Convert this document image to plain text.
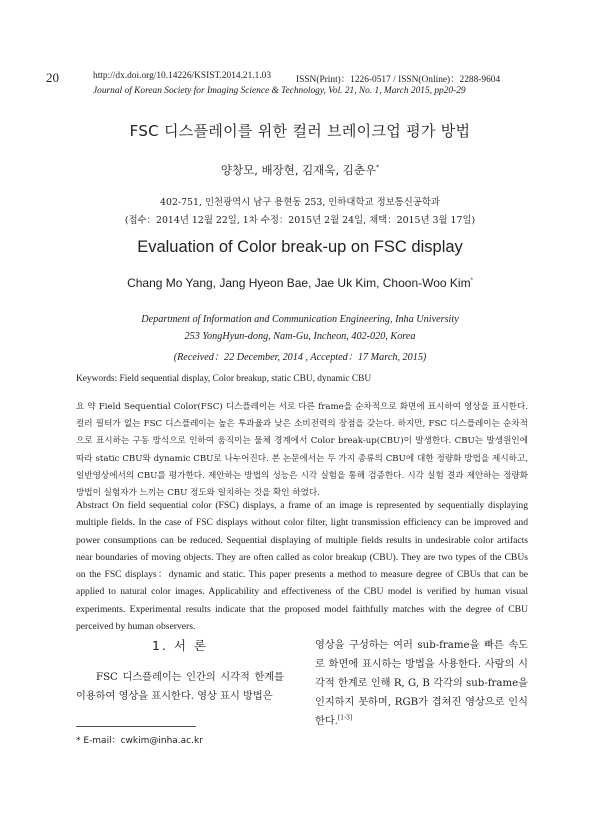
20	http://dx.doi.org/10.14226/KSIST.2014.21.1.03	ISSN(Print)：1226-0517 / ISSN(Online)：2288-9604
Journal of Korean Society for Imaging Science & Technology, Vol. 21, No. 1, March 2015, pp20-29
FSC 디스플레이를 위한 컬러 브레이크업 평가 방법
양창모, 배장현, 김재욱, 김춘우*
402-751, 인천광역시 남구 용현동 253, 인하대학교 정보통신공학과
(접수：2014년 12월 22일, 1차 수정：2015년 2월 24일, 채택：2015년 3월 17일)
Evaluation of Color break-up on FSC display
Chang Mo Yang, Jang Hyeon Bae, Jae Uk Kim, Choon-Woo Kim*
Department of Information and Communication Engineering, Inha University
253 YongHyun-dong, Nam-Gu, Incheon, 402-020, Korea
(Received：22 December, 2014 , Accepted：17 March, 2015)
Keywords: Field sequential display, Color breakup, static CBU, dynamic CBU
요 약 Field Sequential Color(FSC) 디스플레이는 서로 다른 frame을 순차적으로 화면에 표시하여 영상을 표시한다. 컬러 필터가 없는 FSC 디스플레이는 높은 투과율과 낮은 소비전력의 장점을 갖는다. 하지만, FSC 디스플레이는 순차적으로 표시하는 구동 방식으로 인하여 움직이는 물체 경계에서 Color break-up(CBU)이 발생한다. CBU는 발생원인에 따라 static CBU와 dynamic CBU로 나누어진다. 본 논문에서는 두 가지 종류의 CBU에 대한 정량화 방법을 제시하고, 일반영상에서의 CBU를 평가한다. 제안하는 방법의 성능은 시각 실험을 통해 검증한다. 시각 실험 결과 제안하는 정량화 방법이 실험자가 느끼는 CBU 정도와 일치하는 것을 확인 하였다.
Abstract On field sequential color (FSC) displays, a frame of an image is represented by sequentially displaying multiple fields. In the case of FSC displays without color filter, light transmission efficiency can be improved and power consumptions can be reduced. Sequential displaying of multiple fields results in undesirable color artifacts near boundaries of moving objects. They are often called as color breakup (CBU). They are two types of the CBUs on the FSC displays：dynamic and static. This paper presents a method to measure degree of CBUs that can be applied to natural color images. Applicability and effectiveness of the CBU model is verified by human visual experiments. Experimental results indicate that the proposed model faithfully matches with the degree of CBU perceived by human observers.
1. 서 론
FSC 디스플레이는 인간의 시각적 한계를 이용하여 영상을 표시한다. 영상 표시 방법은
영상을 구성하는 여러 sub-frame을 빠른 속도로 화면에 표시하는 방법을 사용한다. 사람의 시각적 한계로 인해 R, G, B 각각의 sub-frame을 인지하지 못하며, RGB가 겹쳐진 영상으로 인식한다.[1-3]
* E-mail：cwkim@inha.ac.kr
